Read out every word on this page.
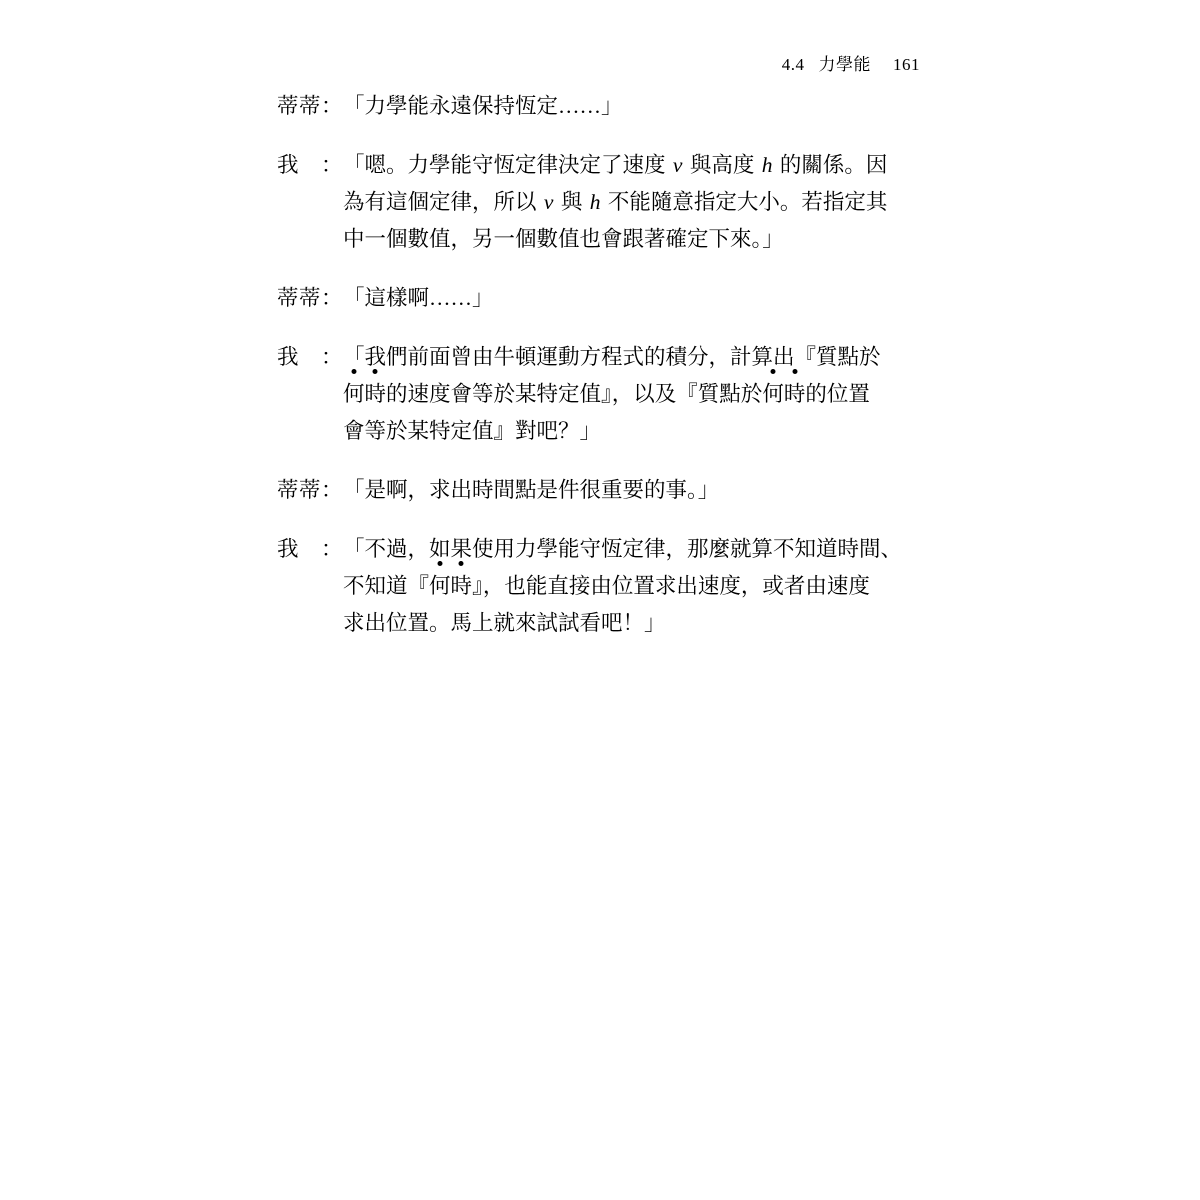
4.4 力學能 161
蒂蒂： 「力學能永遠保持恆定……」
我 ： 「嗯。力學能守恆定律決定了速度 v 與高度 h 的關係。因
為有這個定律，所以 v 與 h 不能隨意指定大小。若指定其
中一個數值，另一個數值也會跟著確定下來。」
蒂蒂： 「這樣啊……」
我 ： 「我們前面曾由牛頓運動方程式的積分，計算出『質點於
何時的速度會等於某特定值』，以及『質點於何時的位置
會等於某特定值』對吧？」
蒂蒂： 「是啊，求出時間點是件很重要的事。」
我 ： 「不過，如果使用力學能守恆定律，那麼就算不知道時間、
不知道『何時』，也能直接由位置求出速度，或者由速度
求出位置。馬上就來試試看吧！」
